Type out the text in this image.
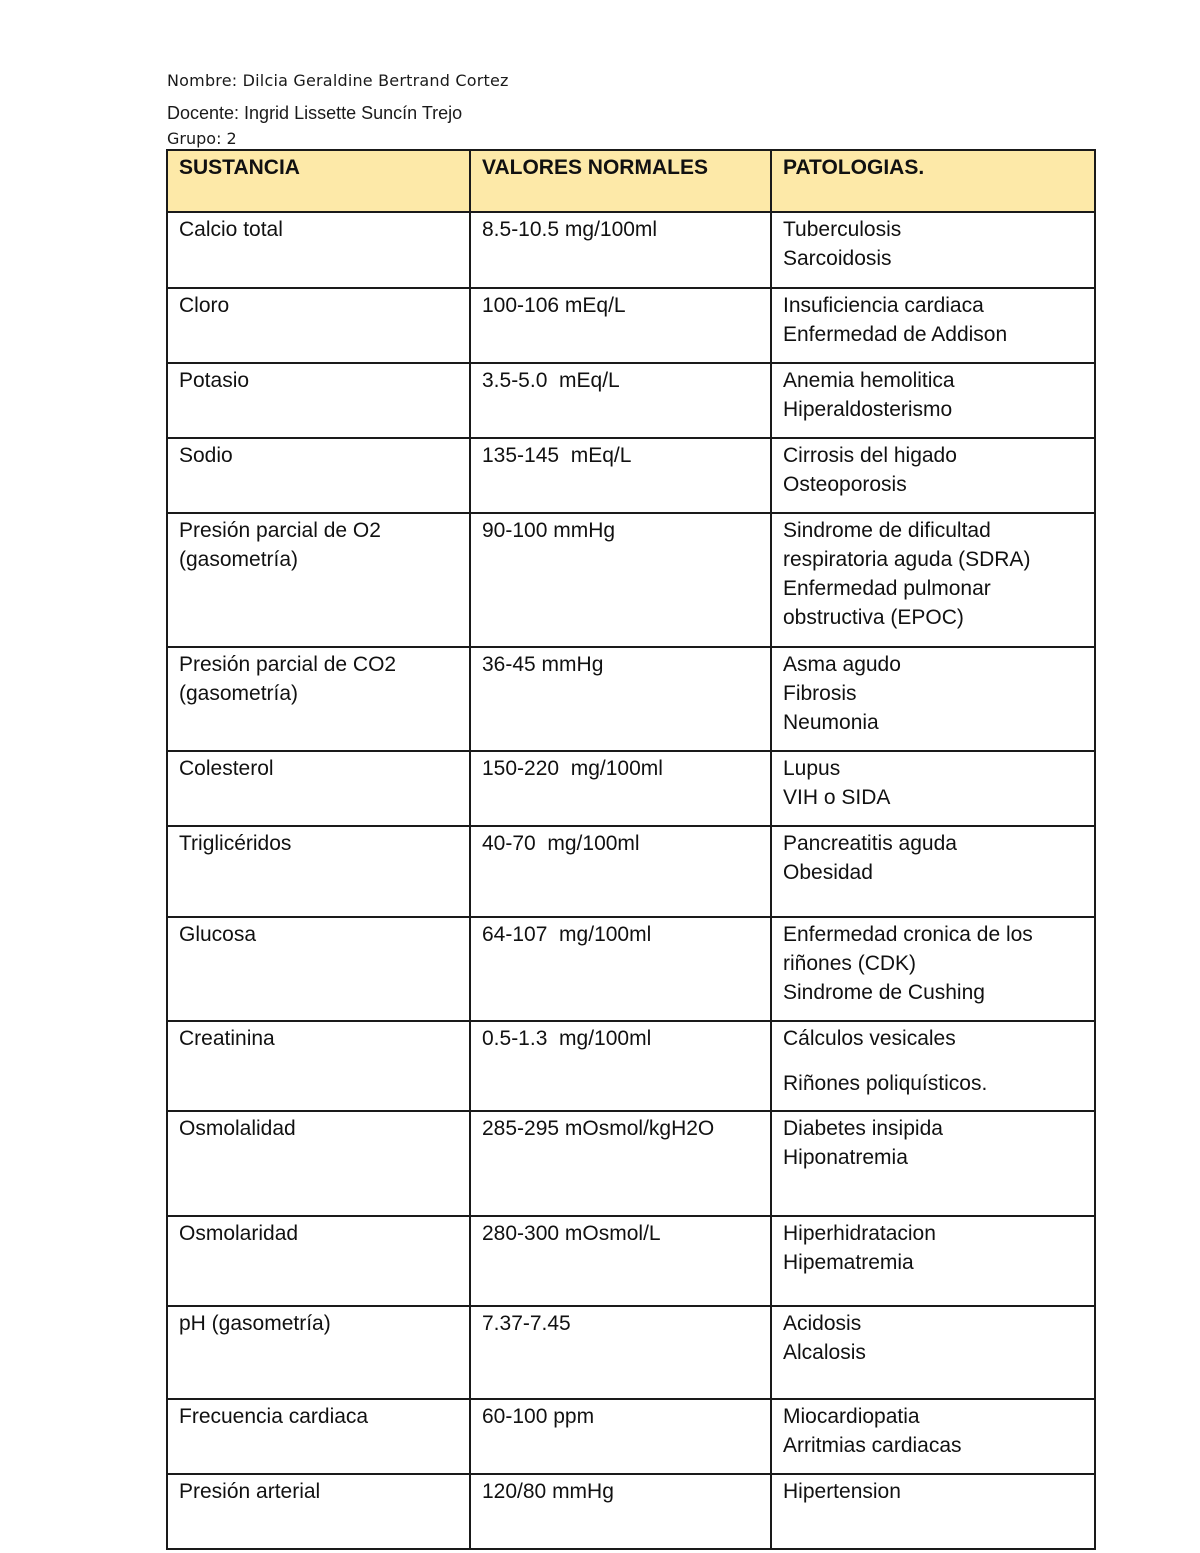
Nombre: Dilcia Geraldine Bertrand Cortez
Docente: Ingrid Lissette Suncín Trejo
Grupo: 2
SUSTANCIA	VALORES NORMALES	PATOLOGIAS.

Calcio total	8.5-10.5 mg/100ml	Tuberculosis
Sarcoidosis

Cloro	100-106 mEq/L	Insuficiencia cardiaca
Enfermedad de Addison

Potasio	3.5-5.0  mEq/L	Anemia hemolitica
Hiperaldosterismo

Sodio	135-145  mEq/L	Cirrosis del higado
Osteoporosis

Presión parcial de O2
(gasometría)	90-100 mmHg	Sindrome de dificultad
respiratoria aguda (SDRA)
Enfermedad pulmonar
obstructiva (EPOC)

Presión parcial de CO2
(gasometría)	36-45 mmHg	Asma agudo
Fibrosis
Neumonia

Colesterol	150-220  mg/100ml	Lupus
VIH o SIDA

Triglicéridos	40-70  mg/100ml	Pancreatitis aguda
Obesidad

Glucosa	64-107  mg/100ml	Enfermedad cronica de los
riñones (CDK)
Sindrome de Cushing

Creatinina	0.5-1.3  mg/100ml	Cálculos vesicales
Riñones poliquísticos.

Osmolalidad	285-295 mOsmol/kgH2O	Diabetes insipida
Hiponatremia

Osmolaridad	280-300 mOsmol/L	Hiperhidratacion
Hipematremia

pH (gasometría)	7.37-7.45	Acidosis
Alcalosis

Frecuencia cardiaca	60-100 ppm	Miocardiopatia
Arritmias cardiacas

Presión arterial	120/80 mmHg	Hipertension
